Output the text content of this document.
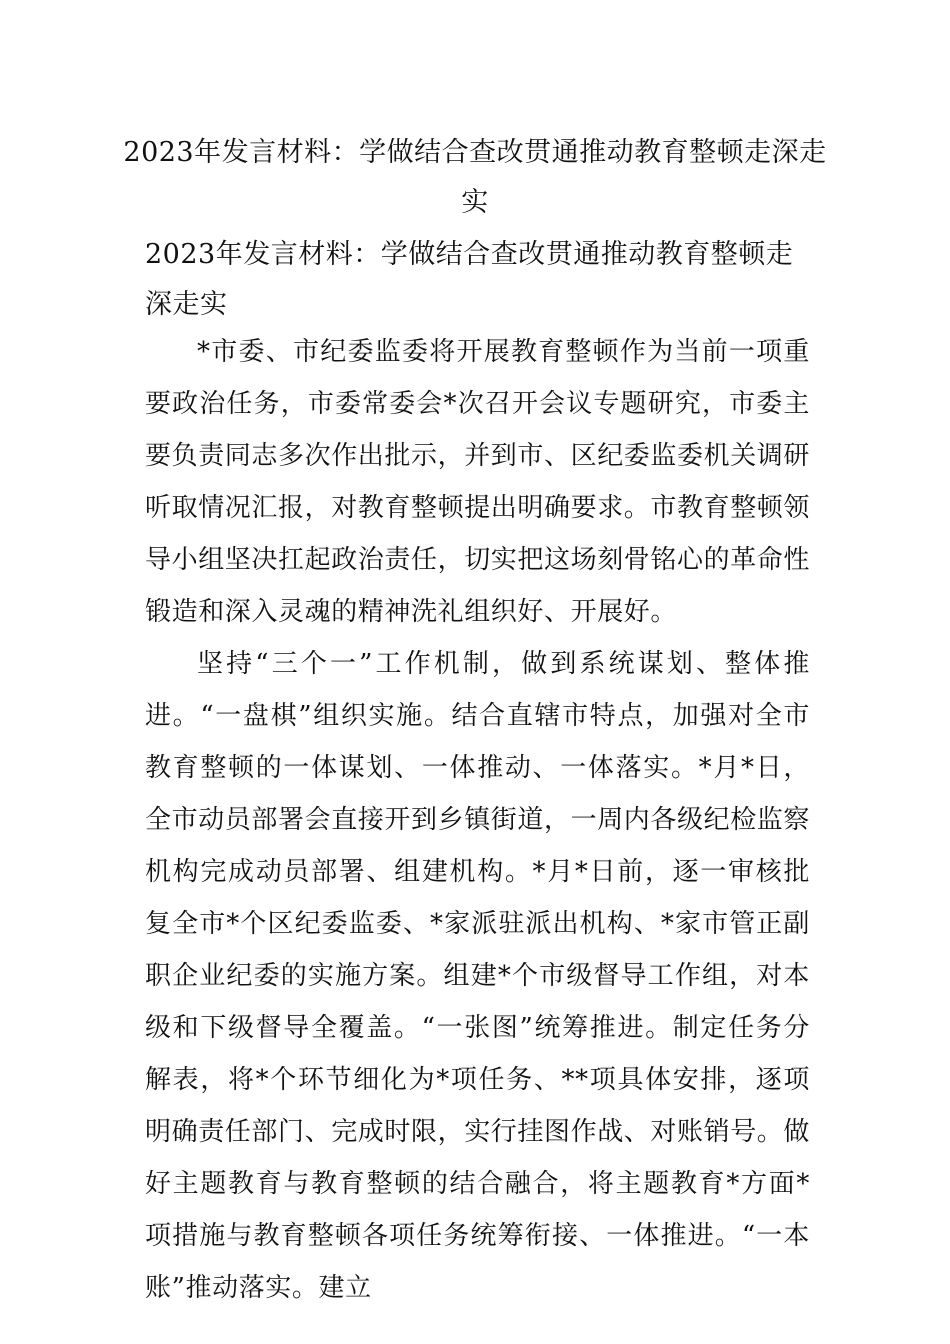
2023年发言材料：学做结合查改贯通推动教育整顿走深走实
2023年发言材料：学做结合查改贯通推动教育整顿走深走实

*市委、市纪委监委将开展教育整顿作为当前一项重要政治任务，市委常委会*次召开会议专题研究，市委主要负责同志多次作出批示，并到市、区纪委监委机关调研听取情况汇报，对教育整顿提出明确要求。市教育整顿领导小组坚决扛起政治责任，切实把这场刻骨铭心的革命性锻造和深入灵魂的精神洗礼组织好、开展好。

坚持“三个一”工作机制，做到系统谋划、整体推进。“一盘棋”组织实施。结合直辖市特点，加强对全市教育整顿的一体谋划、一体推动、一体落实。*月*日，全市动员部署会直接开到乡镇街道，一周内各级纪检监察机构完成动员部署、组建机构。*月*日前，逐一审核批复全市*个区纪委监委、*家派驻派出机构、*家市管正副职企业纪委的实施方案。组建*个市级督导工作组，对本级和下级督导全覆盖。“一张图”统筹推进。制定任务分解表，将*个环节细化为*项任务、**项具体安排，逐项明确责任部门、完成时限，实行挂图作战、对账销号。做好主题教育与教育整顿的结合融合，将主题教育*方面*项措施与教育整顿各项任务统筹衔接、一体推进。“一本账”推动落实。建立
